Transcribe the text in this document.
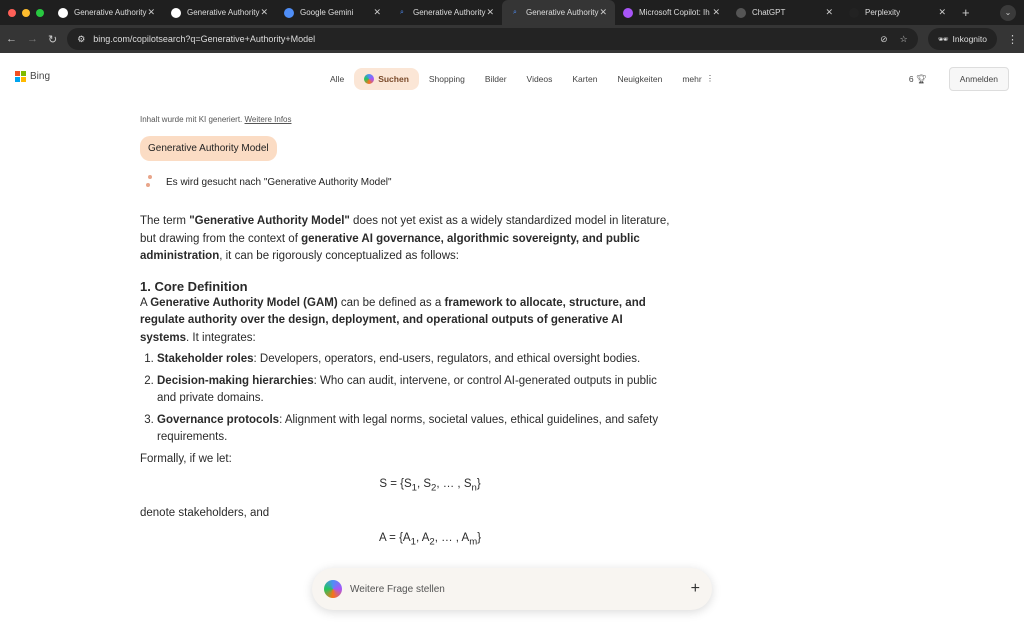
Generative Authority ✕	Generative Authority ✕	Google Gemini	✕	⌕	Generative Authority ✕	⌕	Generative Authority ✕	Microsoft Copilot: Ih ✕	ChatGPT	✕	Perplexity	✕ +	⌄
← → ↻ ⚙ bing.com/copilotsearch?q=Generative+Authority+Model	⊘ ☆	🕶 Inkognito ⋮
Bing	Alle	Suchen Shopping Bilder Videos Karten Neuigkeiten mehr ⋮	6 🏆︎	Anmelden
Inhalt wurde mit KI generiert. Weitere Infos
Generative Authority Model
Es wird gesucht nach "Generative Authority Model"

The term "Generative Authority Model" does not yet exist as a widely standardized model in literature, but drawing from the context of generative AI governance, algorithmic sovereignty, and public administration, it can be rigorously conceptualized as follows:

1. Core Definition

A Generative Authority Model (GAM) can be defined as a framework to allocate, structure, and regulate authority over the design, deployment, and operational outputs of generative AI systems. It integrates:

1. Stakeholder roles: Developers, operators, end-users, regulators, and ethical oversight bodies.
2. Decision-making hierarchies: Who can audit, intervene, or control AI-generated outputs in public and private domains.
3. Governance protocols: Alignment with legal norms, societal values, ethical guidelines, and safety requirements.

Formally, if we let:

$S = \{S_1$, $S_2$, … , $S_n$}

denote stakeholders, and

$A = \{A_1$, $A_2$, … , $A_m$}
Weitere Frage stellen	+
